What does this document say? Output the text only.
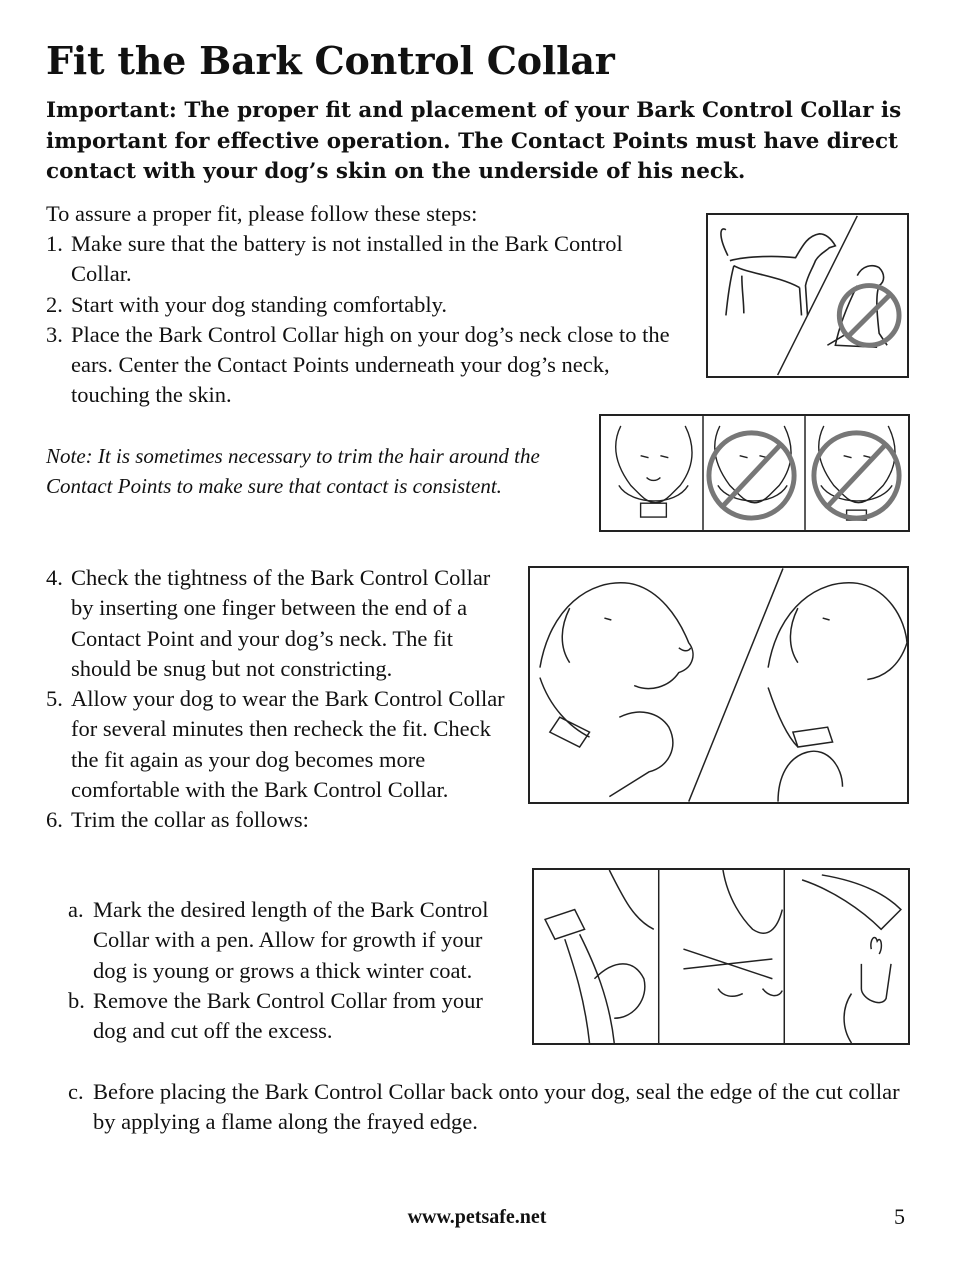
Fit the Bark Control Collar

Important: The proper fit and placement of your Bark Control Collar is important for effective operation. The Contact Points must have direct contact with your dog’s skin on the underside of his neck.

To assure a proper fit, please follow these steps:

1. Make sure that the battery is not installed in the Bark Control Collar.
2. Start with your dog standing comfortably.
3. Place the Bark Control Collar high on your dog’s neck close to the ears. Center the Contact Points underneath your dog’s neck, touching the skin.

Note: It is sometimes necessary to trim the hair around the Contact Points to make sure that contact is consistent.

4. Check the tightness of the Bark Control Collar by inserting one finger between the end of a Contact Point and your dog’s neck. The fit should be snug but not constricting.
5. Allow your dog to wear the Bark Control Collar for several minutes then recheck the fit. Check the fit again as your dog becomes more comfortable with the Bark Control Collar.
6. Trim the collar as follows:
a. Mark the desired length of the Bark Control Collar with a pen. Allow for growth if your dog is young or grows a thick winter coat.
b. Remove the Bark Control Collar from your dog and cut off the excess.
c. Before placing the Bark Control Collar back onto your dog, seal the edge of the cut collar by applying a flame along the frayed edge.
www.petsafe.net	5
